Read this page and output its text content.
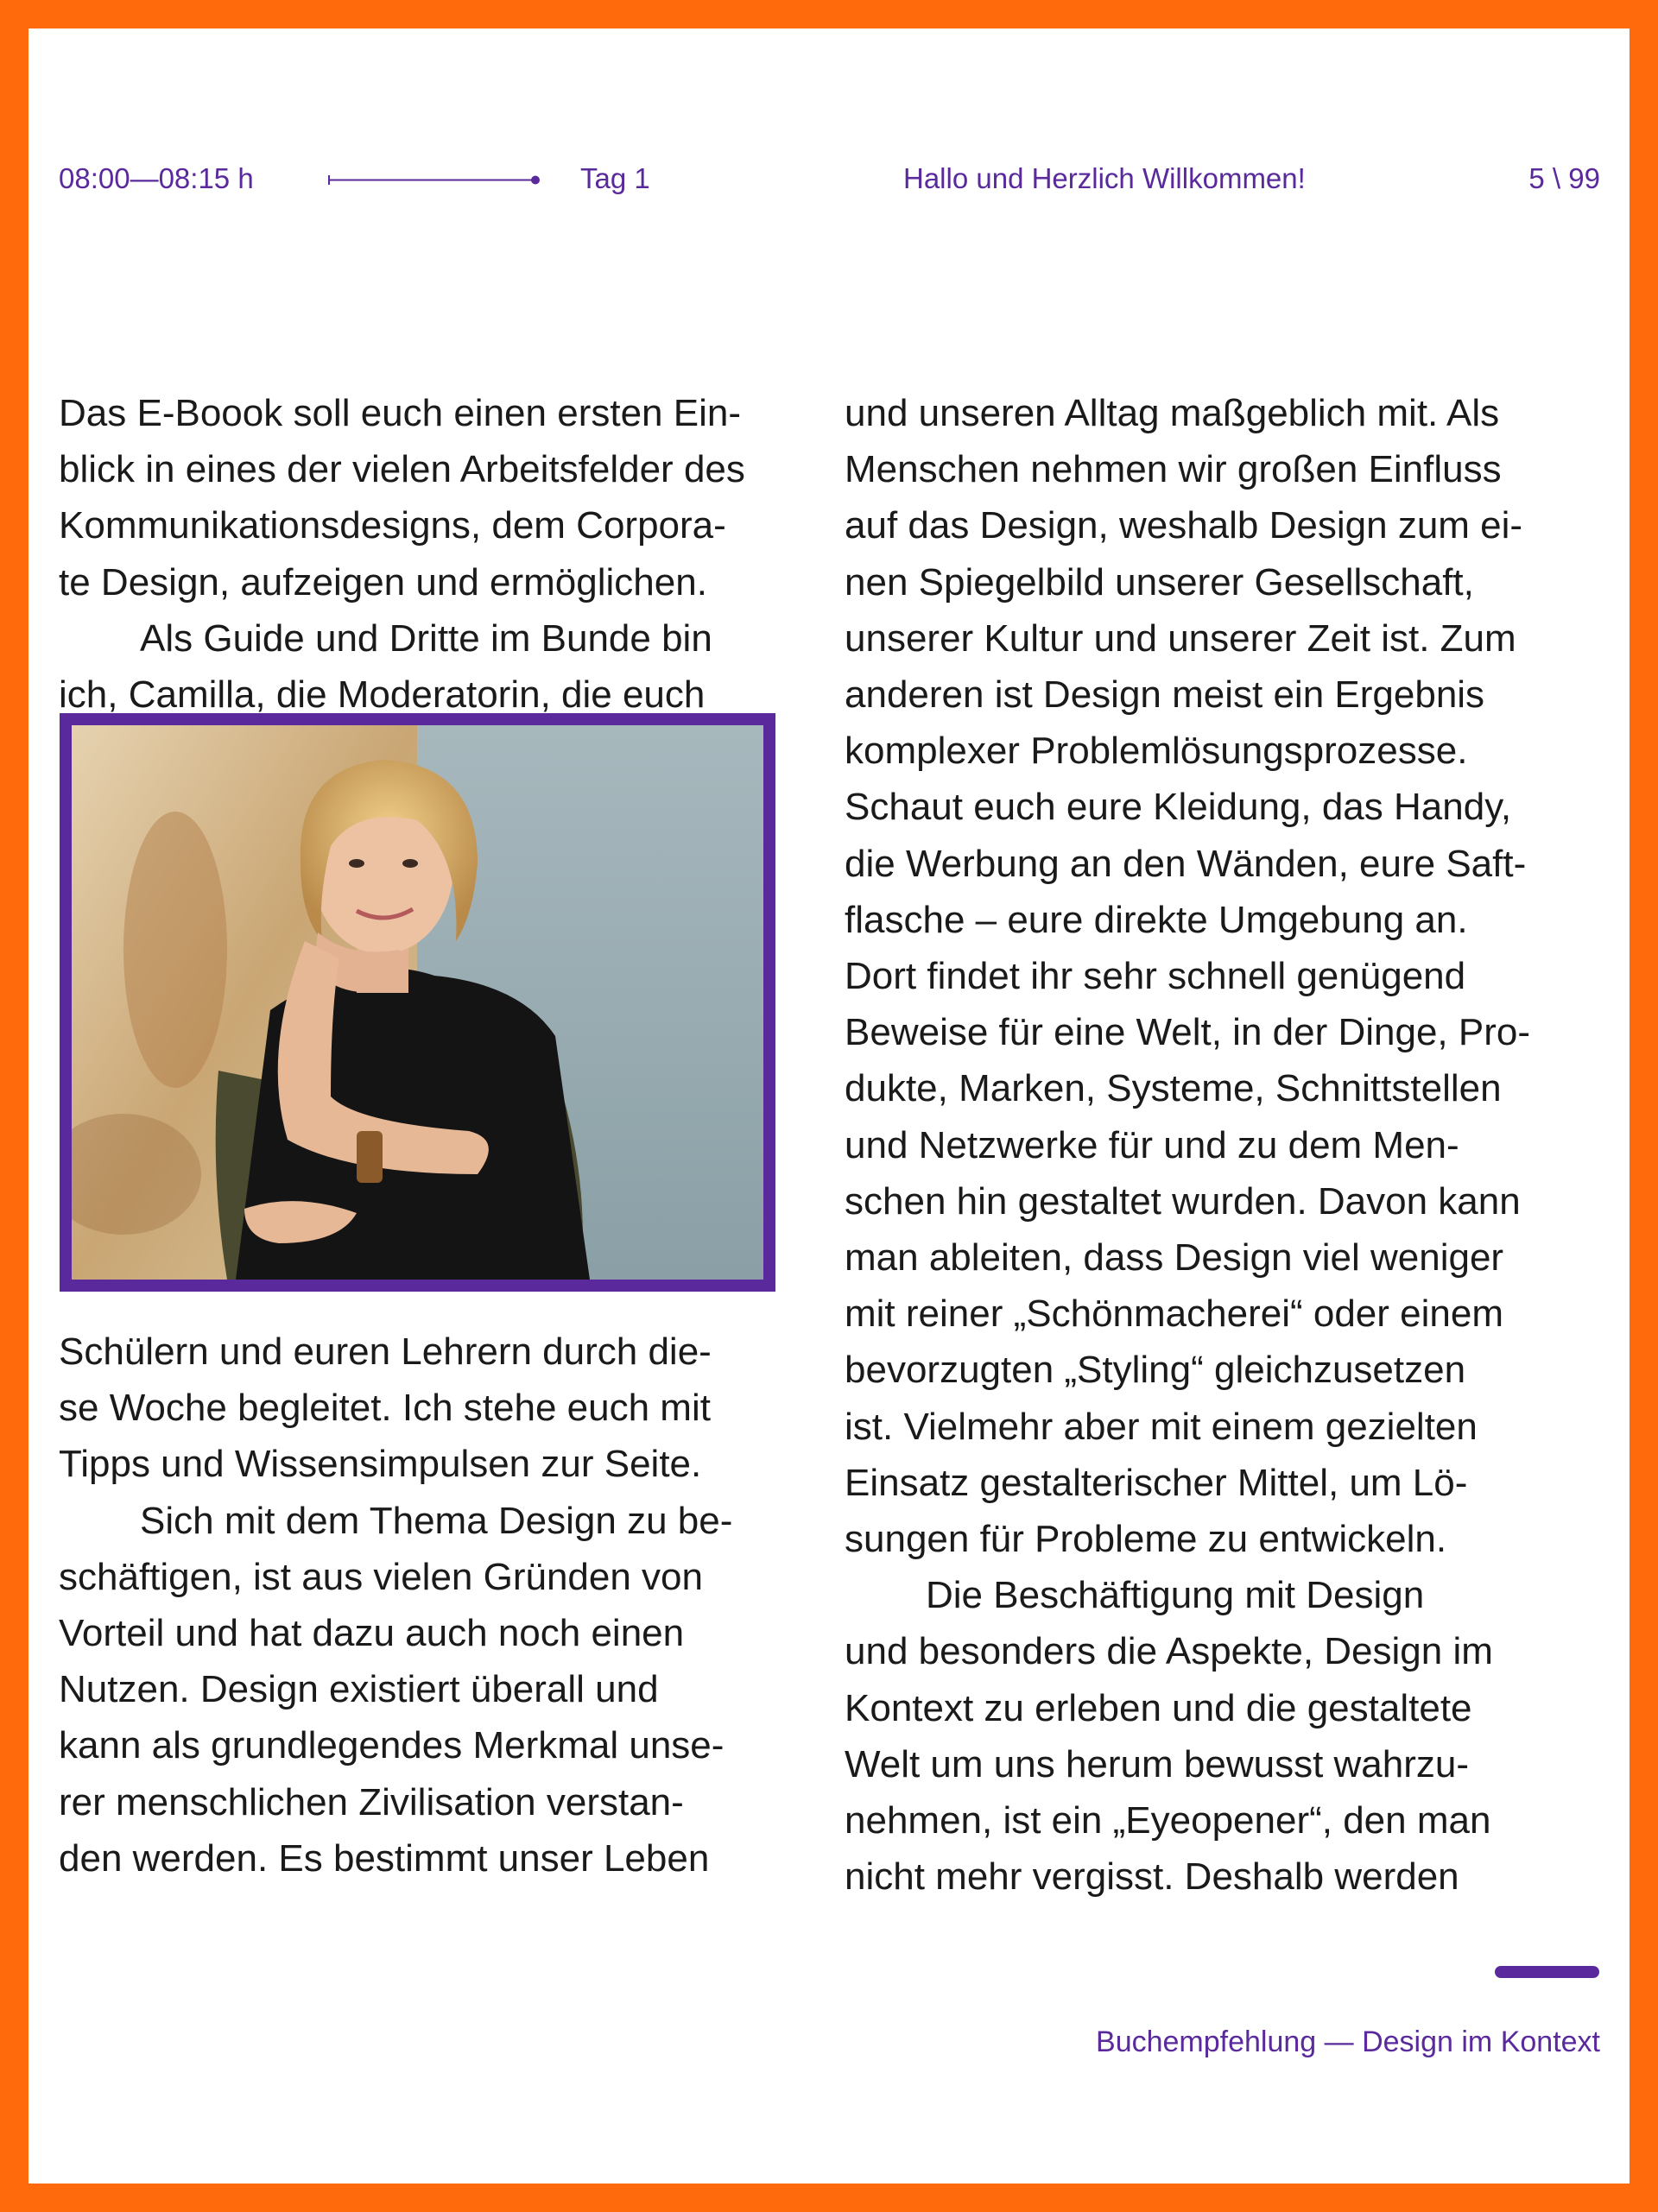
08:00—08:15 h	Tag 1	Hallo und Herzlich Willkommen!	5 \ 99

Das E-Boook soll euch einen ersten Ein-

blick in eines der vielen Arbeitsfelder des

Kommunikationsdesigns, dem Corpora-

te Design, aufzeigen und ermöglichen.

Als Guide und Dritte im Bunde bin

ich, Camilla, die Moderatorin, die euch

Schülern und euren Lehrern durch die-

se Woche begleitet. Ich stehe euch mit

Tipps und Wissensimpulsen zur Seite.

Sich mit dem Thema Design zu be-

schäftigen, ist aus vielen Gründen von

Vorteil und hat dazu auch noch einen

Nutzen. Design existiert überall und

kann als grundlegendes Merkmal unse-

rer menschlichen Zivilisation verstan-

den werden. Es bestimmt unser Leben

und unseren Alltag maßgeblich mit. Als

Menschen nehmen wir großen Einfluss

auf das Design, weshalb Design zum ei-

nen Spiegelbild unserer Gesellschaft,

unserer Kultur und unserer Zeit ist. Zum

anderen ist Design meist ein Ergebnis

komplexer Problemlösungsprozesse.

Schaut euch eure Kleidung, das Handy,

die Werbung an den Wänden, eure Saft-

flasche – eure direkte Umgebung an.

Dort findet ihr sehr schnell genügend

Beweise für eine Welt, in der Dinge, Pro-

dukte, Marken, Systeme, Schnittstellen

und Netzwerke für und zu dem Men-

schen hin gestaltet wurden. Davon kann

man ableiten, dass Design viel weniger

mit reiner „Schönmacherei“ oder einem

bevorzugten „Styling“ gleichzusetzen

ist. Vielmehr aber mit einem gezielten

Einsatz gestalterischer Mittel, um Lö-

sungen für Probleme zu entwickeln.

Die Beschäftigung mit Design

und besonders die Aspekte, Design im

Kontext zu erleben und die gestaltete

Welt um uns herum bewusst wahrzu-

nehmen, ist ein „Eyeopener“, den man

nicht mehr vergisst. Deshalb werden

Buchempfehlung — Design im Kontext
